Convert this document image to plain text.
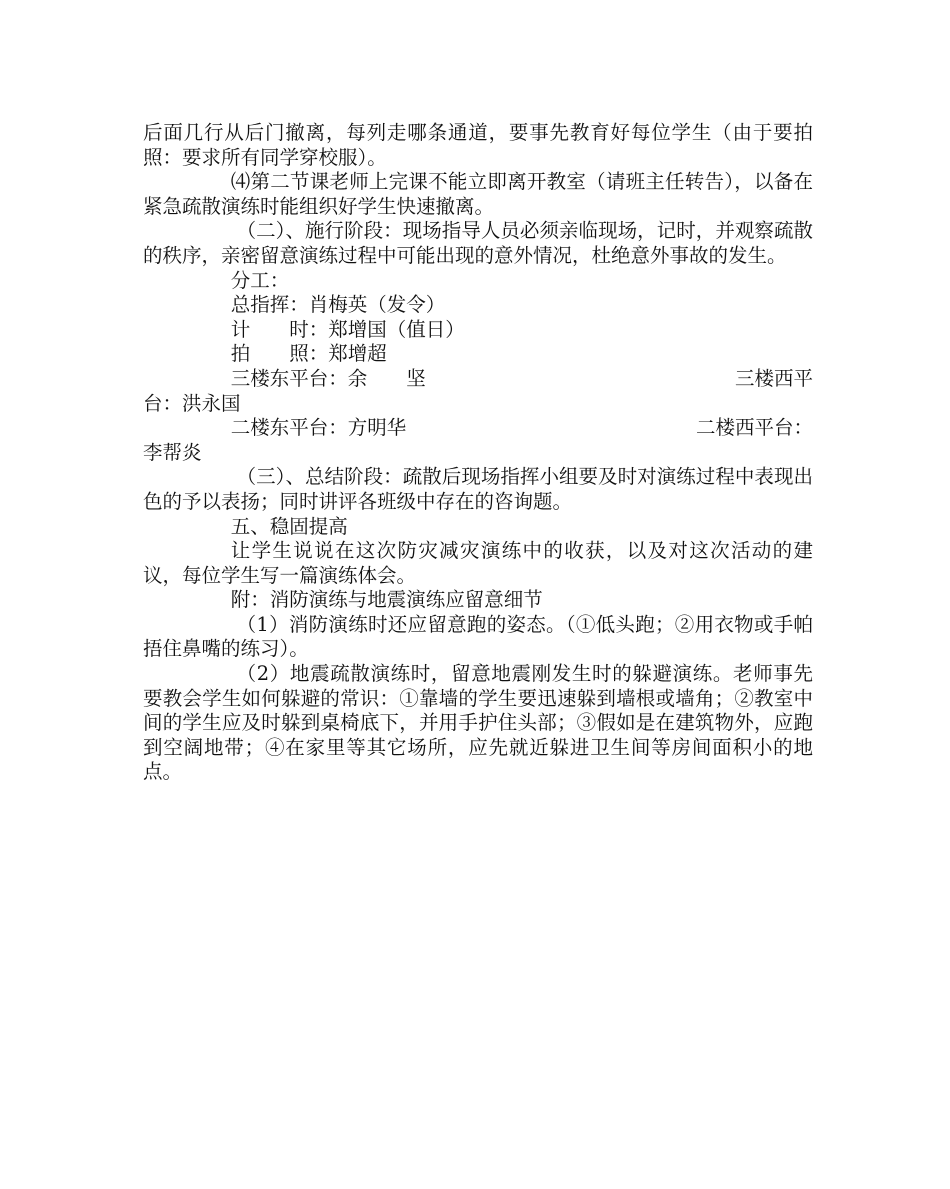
后面几行从后门撤离，每列走哪条通道，要事先教育好每位学生（由于要拍照：要求所有同学穿校服）。

⑷第二节课老师上完课不能立即离开教室（请班主任转告），以备在紧急疏散演练时能组织好学生快速撤离。

（二）、施行阶段：现场指导人员必须亲临现场，记时，并观察疏散的秩序，亲密留意演练过程中可能出现的意外情况，杜绝意外事故的发生。

分工：

总指挥：肖梅英（发令）

计　　时：郑增国（值日）

拍　　照：郑增超

三楼东平台：余　　坚	三楼西平

台：洪永国

二楼东平台：方明华	二楼西平台：

李帮炎

（三）、总结阶段：疏散后现场指挥小组要及时对演练过程中表现出色的予以表扬；同时讲评各班级中存在的咨询题。

五、稳固提高

让学生说说在这次防灾减灾演练中的收获，以及对这次活动的建议，每位学生写一篇演练体会。

附：消防演练与地震演练应留意细节

（1）消防演练时还应留意跑的姿态。（①低头跑；②用衣物或手帕捂住鼻嘴的练习）。

（2）地震疏散演练时，留意地震刚发生时的躲避演练。老师事先要教会学生如何躲避的常识：①靠墙的学生要迅速躲到墙根或墙角；②教室中间的学生应及时躲到桌椅底下，并用手护住头部；③假如是在建筑物外，应跑到空阔地带；④在家里等其它场所，应先就近躲进卫生间等房间面积小的地点。
